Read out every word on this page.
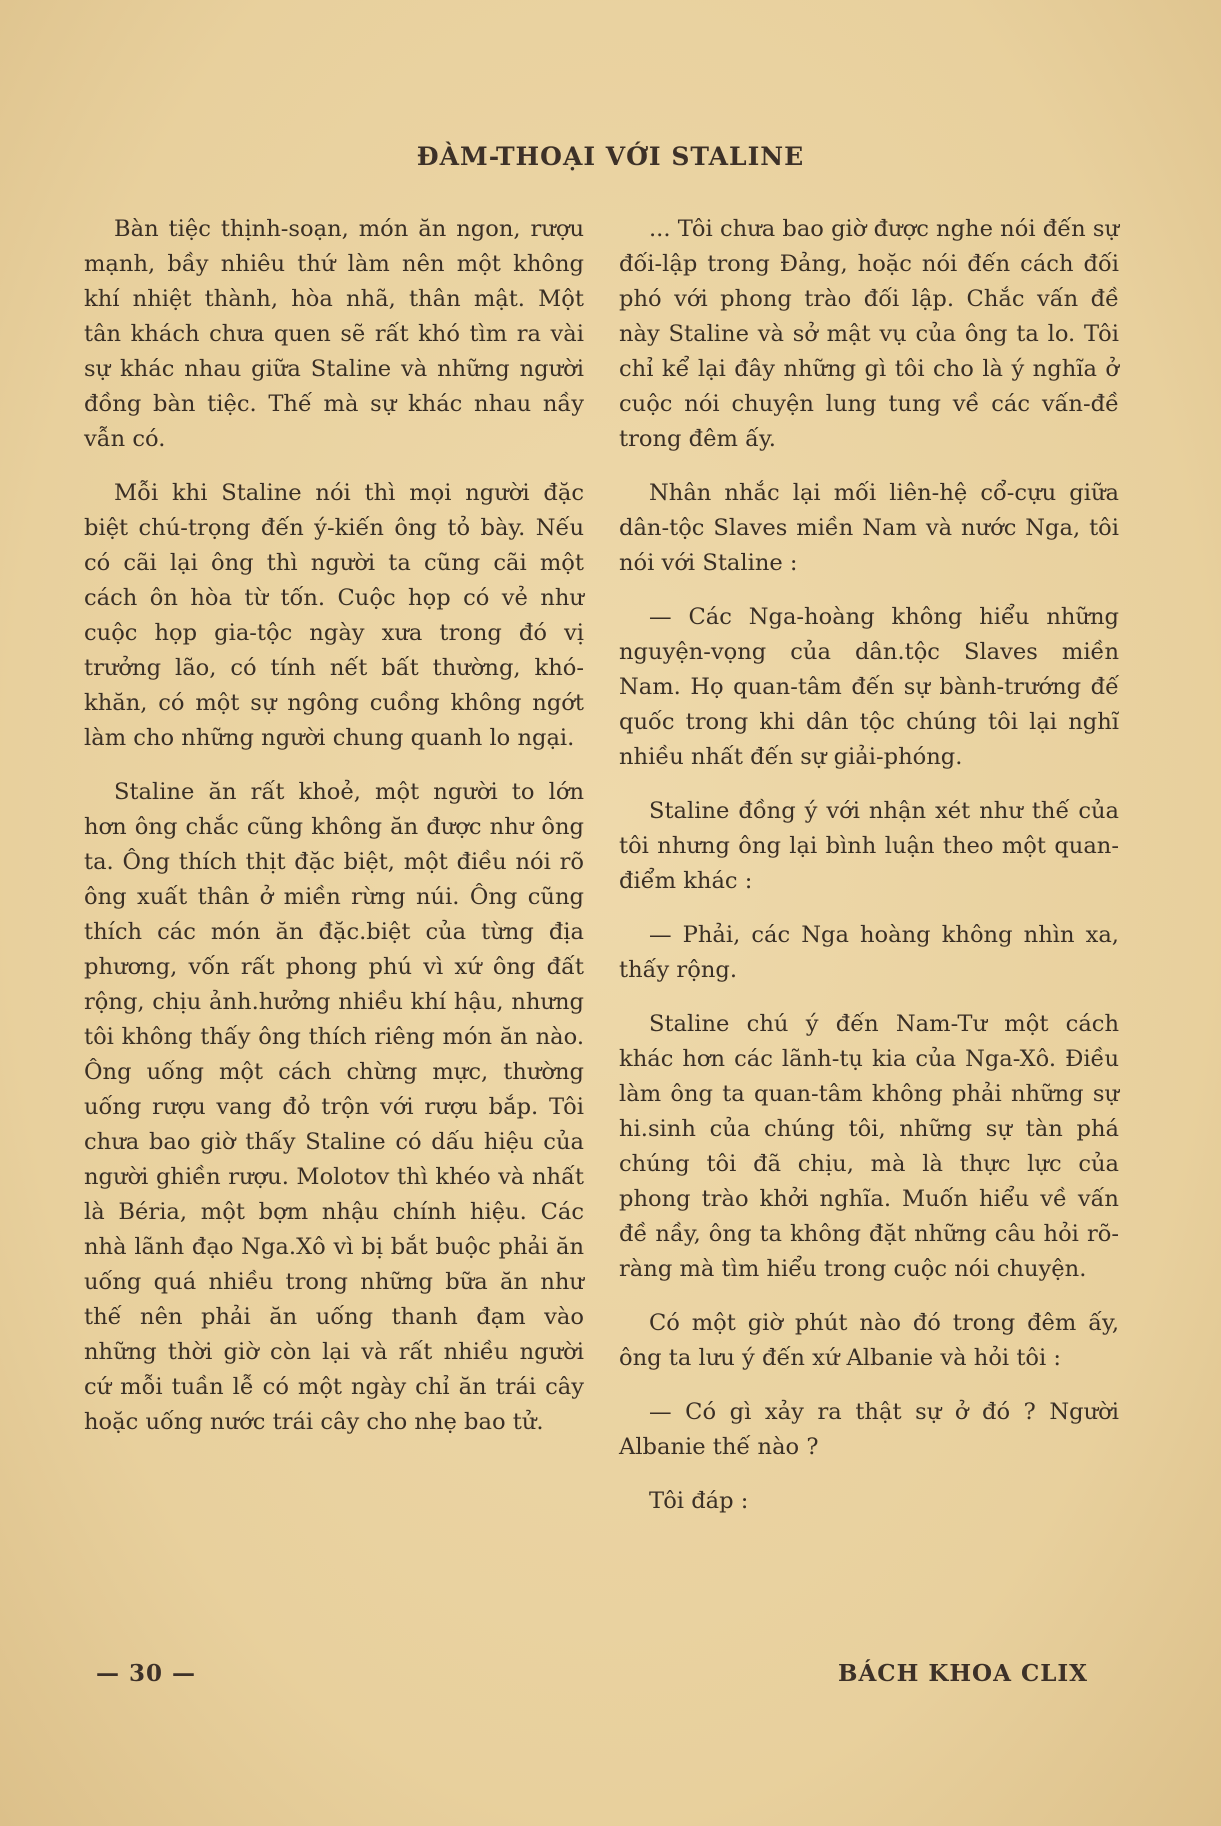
ĐÀM-THOẠI VỚI STALINE

Bàn tiệc thịnh-soạn, món ăn ngon, rượu mạnh, bầy nhiêu thứ làm nên một không khí nhiệt thành, hòa nhã, thân mật. Một tân khách chưa quen sẽ rất khó tìm ra vài sự khác nhau giữa Staline và những người đồng bàn tiệc. Thế mà sự khác nhau nầy vẫn có.

Mỗi khi Staline nói thì mọi người đặc biệt chú-trọng đến ý-kiến ông tỏ bày. Nếu có cãi lại ông thì người ta cũng cãi một cách ôn hòa từ tốn. Cuộc họp có vẻ như cuộc họp gia-tộc ngày xưa trong đó vị trưởng lão, có tính nết bất thường, khó-khăn, có một sự ngông cuồng không ngớt làm cho những người chung quanh lo ngại.

Staline ăn rất khoẻ, một người to lớn hơn ông chắc cũng không ăn được như ông ta. Ông thích thịt đặc biệt, một điều nói rõ ông xuất thân ở miền rừng núi. Ông cũng thích các món ăn đặc.biệt của từng địa phương, vốn rất phong phú vì xứ ông đất rộng, chịu ảnh.hưởng nhiều khí hậu, nhưng tôi không thấy ông thích riêng món ăn nào. Ông uống một cách chừng mực, thường uống rượu vang đỏ trộn với rượu bắp. Tôi chưa bao giờ thấy Staline có dấu hiệu của người ghiền rượu. Molotov thì khéo và nhất là Béria, một bợm nhậu chính hiệu. Các nhà lãnh đạo Nga.Xô vì bị bắt buộc phải ăn uống quá nhiều trong những bữa ăn như thế nên phải ăn uống thanh đạm vào những thời giờ còn lại và rất nhiều người cứ mỗi tuần lễ có một ngày chỉ ăn trái cây hoặc uống nước trái cây cho nhẹ bao tử.

... Tôi chưa bao giờ được nghe nói đến sự đối-lập trong Đảng, hoặc nói đến cách đối phó với phong trào đối lập. Chắc vấn đề này Staline và sở mật vụ của ông ta lo. Tôi chỉ kể lại đây những gì tôi cho là ý nghĩa ở cuộc nói chuyện lung tung về các vấn-đề trong đêm ấy.

Nhân nhắc lại mối liên-hệ cổ-cựu giữa dân-tộc Slaves miền Nam và nước Nga, tôi nói với Staline :

— Các Nga-hoàng không hiểu những nguyện-vọng của dân.tộc Slaves miền Nam. Họ quan-tâm đến sự bành-trướng đế quốc trong khi dân tộc chúng tôi lại nghĩ nhiều nhất đến sự giải-phóng.

Staline đồng ý với nhận xét như thế của tôi nhưng ông lại bình luận theo một quan-điểm khác :

— Phải, các Nga hoàng không nhìn xa, thấy rộng.

Staline chú ý đến Nam-Tư một cách khác hơn các lãnh-tụ kia của Nga-Xô. Điều làm ông ta quan-tâm không phải những sự hi.sinh của chúng tôi, những sự tàn phá chúng tôi đã chịu, mà là thực lực của phong trào khởi nghĩa. Muốn hiểu về vấn đề nầy, ông ta không đặt những câu hỏi rõ-ràng mà tìm hiểu trong cuộc nói chuyện.

Có một giờ phút nào đó trong đêm ấy, ông ta lưu ý đến xứ Albanie và hỏi tôi :

— Có gì xảy ra thật sự ở đó ? Người Albanie thế nào ?

Tôi đáp :

— 30 —	BÁCH KHOA CLIX
